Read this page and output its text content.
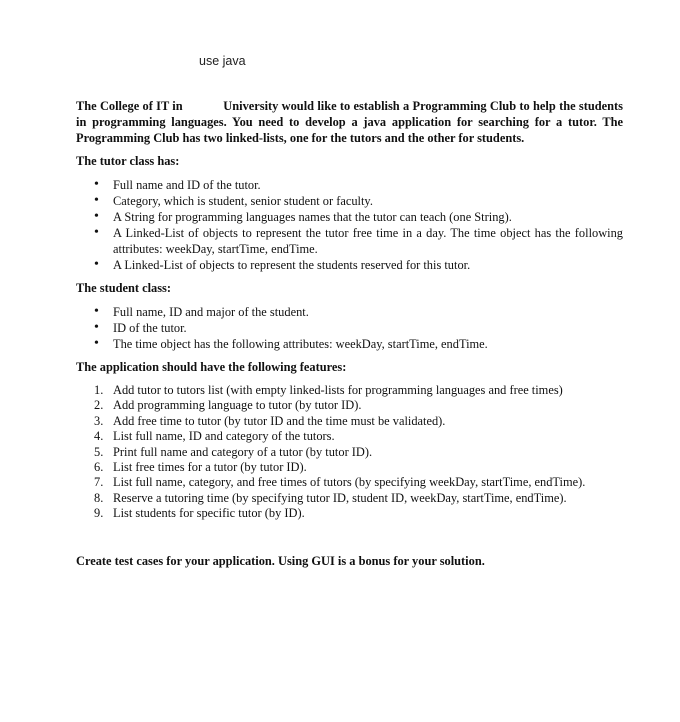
use java

The College of IT in	University would like to establish a Programming Club to help the students in programming languages. You need to develop a java application for searching for a tutor. The Programming Club has two linked-lists, one for the tutors and the other for students.

The tutor class has:
• Full name and ID of the tutor.
• Category, which is student, senior student or faculty.
• A String for programming languages names that the tutor can teach (one String).
• A Linked-List of objects to represent the tutor free time in a day. The time object has the following attributes: weekDay, startTime, endTime.
• A Linked-List of objects to represent the students reserved for this tutor.
The student class:
• Full name, ID and major of the student.
• ID of the tutor.
• The time object has the following attributes: weekDay, startTime, endTime.
The application should have the following features:
1. Add tutor to tutors list (with empty linked-lists for programming languages and free times)
2. Add programming language to tutor (by tutor ID).
3. Add free time to tutor (by tutor ID and the time must be validated).
4. List full name, ID and category of the tutors.
5. Print full name and category of a tutor (by tutor ID).
6. List free times for a tutor (by tutor ID).
7. List full name, category, and free times of tutors (by specifying weekDay, startTime, endTime).
8. Reserve a tutoring time (by specifying tutor ID, student ID, weekDay, startTime, endTime).
9. List students for specific tutor (by ID).

Create test cases for your application. Using GUI is a bonus for your solution.
